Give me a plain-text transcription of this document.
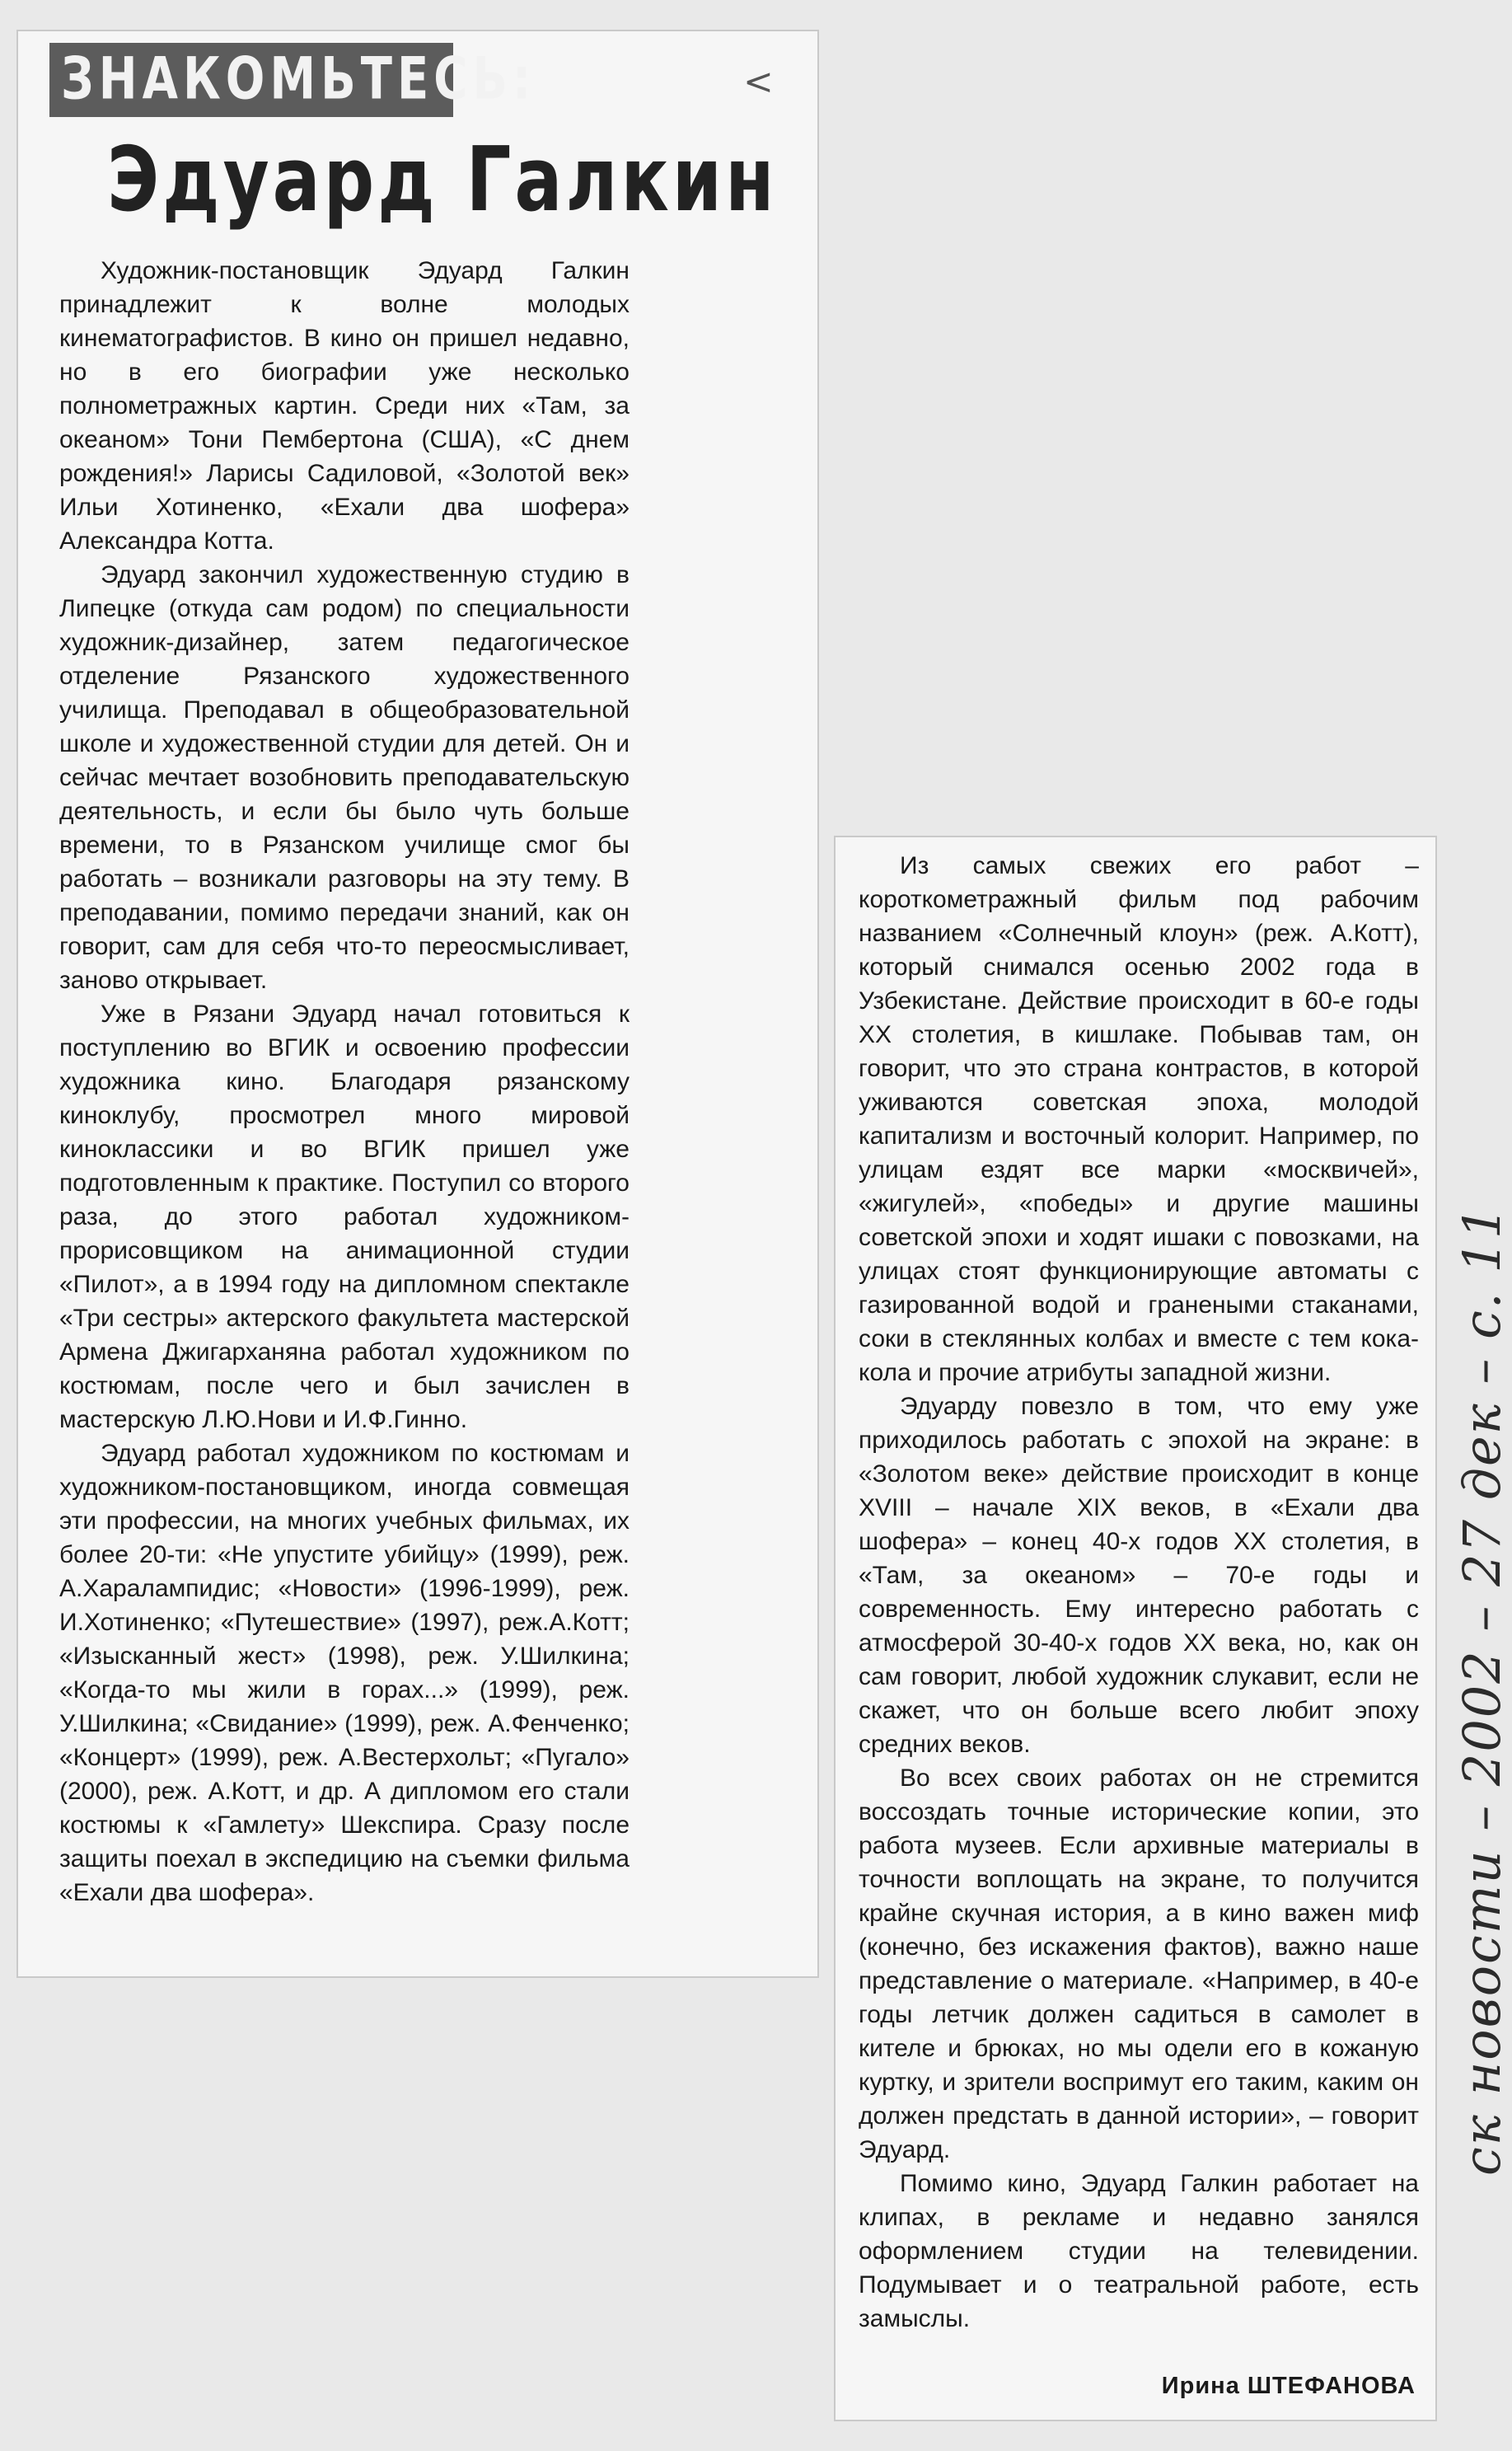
ЗНАКОМЬТЕСЬ:
Эдуард Галкин
<

Художник-постановщик Эдуард Галкин принадлежит к волне молодых кинематографистов. В кино он пришел недавно, но в его биографии уже несколько полнометражных картин. Среди них «Там, за океаном» Тони Пембертона (США), «С днем рождения!» Ларисы Садиловой, «Золотой век» Ильи Хотиненко, «Ехали два шофера» Александра Котта.

Эдуард закончил художественную студию в Липецке (откуда сам родом) по специальности художник-дизайнер, затем педагогическое отделение Рязанского художественного училища. Преподавал в общеобразовательной школе и художественной студии для детей. Он и сейчас мечтает возобновить преподавательскую деятельность, и если бы было чуть больше времени, то в Рязанском училище смог бы работать – возникали разговоры на эту тему. В преподавании, помимо передачи знаний, как он говорит, сам для себя что-то переосмысливает, заново открывает.

Уже в Рязани Эдуард начал готовиться к поступлению во ВГИК и освоению профессии художника кино. Благодаря рязанскому киноклубу, просмотрел много мировой киноклассики и во ВГИК пришел уже подготовленным к практике. Поступил со второго раза, до этого работал художником-прорисовщиком на анимационной студии «Пилот», а в 1994 году на дипломном спектакле «Три сестры» актерского факультета мастерской Армена Джигарханяна работал художником по костюмам, после чего и был зачислен в мастерскую Л.Ю.Нови и И.Ф.Гинно.

Эдуард работал художником по костюмам и художником-постановщиком, иногда совмещая эти профессии, на многих учебных фильмах, их более 20-ти: «Не упустите убийцу» (1999), реж. А.Харалампидис; «Новости» (1996-1999), реж. И.Хотиненко; «Путешествие» (1997), реж.А.Котт; «Изысканный жест» (1998), реж. У.Шилкина; «Когда-то мы жили в горах...» (1999), реж. У.Шилкина; «Свидание» (1999), реж. А.Фенченко; «Концерт» (1999), реж. А.Вестерхольт; «Пугало» (2000), реж. А.Котт, и др. А дипломом его стали костюмы к «Гамлету» Шекспира. Сразу после защиты поехал в экспедицию на съемки фильма «Ехали два шофера».

Из самых свежих его работ – короткометражный фильм под рабочим названием «Солнечный клоун» (реж. А.Котт), который снимался осенью 2002 года в Узбекистане. Действие происходит в 60-е годы XX столетия, в кишлаке. Побывав там, он говорит, что это страна контрастов, в которой уживаются советская эпоха, молодой капитализм и восточный колорит. Например, по улицам ездят все марки «москвичей», «жигулей», «победы» и другие машины советской эпохи и ходят ишаки с повозками, на улицах стоят функционирующие автоматы с газированной водой и гранеными стаканами, соки в стеклянных колбах и вместе с тем кока-кола и прочие атрибуты западной жизни.

Эдуарду повезло в том, что ему уже приходилось работать с эпохой на экране: в «Золотом веке» действие происходит в конце XVIII – начале XIX веков, в «Ехали два шофера» – конец 40-х годов XX столетия, в «Там, за океаном» – 70-е годы и современность. Ему интересно работать с атмосферой 30-40-х годов XX века, но, как он сам говорит, любой художник слукавит, если не скажет, что он больше всего любит эпоху средних веков.

Во всех своих работах он не стремится воссоздать точные исторические копии, это работа музеев. Если архивные материалы в точности воплощать на экране, то получится крайне скучная история, а в кино важен миф (конечно, без искажения фактов), важно наше представление о материале. «Например, в 40-е годы летчик должен садиться в самолет в кителе и брюках, но мы одели его в кожаную куртку, и зрители воспримут его таким, каким он должен предстать в данной истории», – говорит Эдуард.

Помимо кино, Эдуард Галкин работает на клипах, в рекламе и недавно занялся оформлением студии на телевидении. Подумывает и о театральной работе, есть замыслы.

Ирина ШТЕФАНОВА
ск новости – 2002 – 27 дек – с. 11
